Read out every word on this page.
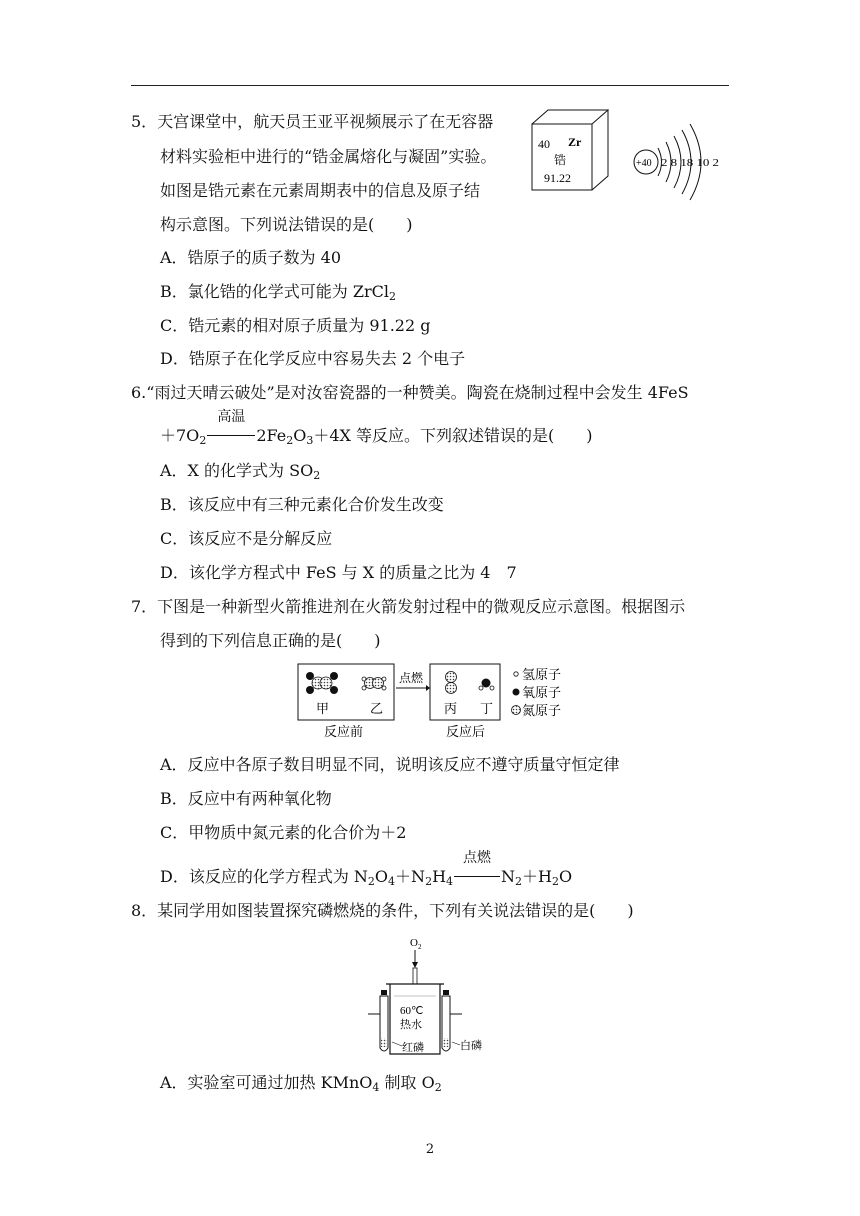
5．天宫课堂中，航天员王亚平视频展示了在无容器
材料实验柜中进行的“锆金属熔化与凝固”实验。
如图是锆元素在元素周期表中的信息及原子结
构示意图。下列说法错误的是(　　)
A．锆原子的质子数为 40
B．氯化锆的化学式可能为 ZrCl$_2$
C．锆元素的相对原子质量为 91.22 g
D．锆原子在化学反应中容易失去 2 个电子
40 Zr
锆
91.22
+40 2 8 18 10 2
6.“雨过天晴云破处”是对汝窑瓷器的一种赞美。陶瓷在烧制过程中会发生 4FeS
$+7O_2$
高温
$2Fe_2O_3+4X$ 等反应。下列叙述错误的是(　　)
A．X 的化学式为 $SO_2$
B．该反应中有三种元素化合价发生改变
C．该反应不是分解反应
D．该化学方程式中 FeS 与 X 的质量之比为 4　7
7．下图是一种新型火箭推进剂在火箭发射过程中的微观反应示意图。根据图示
得到的下列信息正确的是(　　)
甲	乙
点燃
丙 丁
反应前	反应后
氢原子
氧原子
氮原子
A．反应中各原子数目明显不同，说明该反应不遵守质量守恒定律
B．反应中有两种氧化物
C．甲物质中氮元素的化合价为＋2
D．该反应的化学方程式为 $N_2O_4+N_2H_4$
点燃
$N_2+H_2O$
8．某同学用如图装置探究磷燃烧的条件，下列有关说法错误的是(　　)
$O_2$
60℃
热水
红磷	白磷
A．实验室可通过加热 KMnO$_4$ 制取 $O_2$
2
